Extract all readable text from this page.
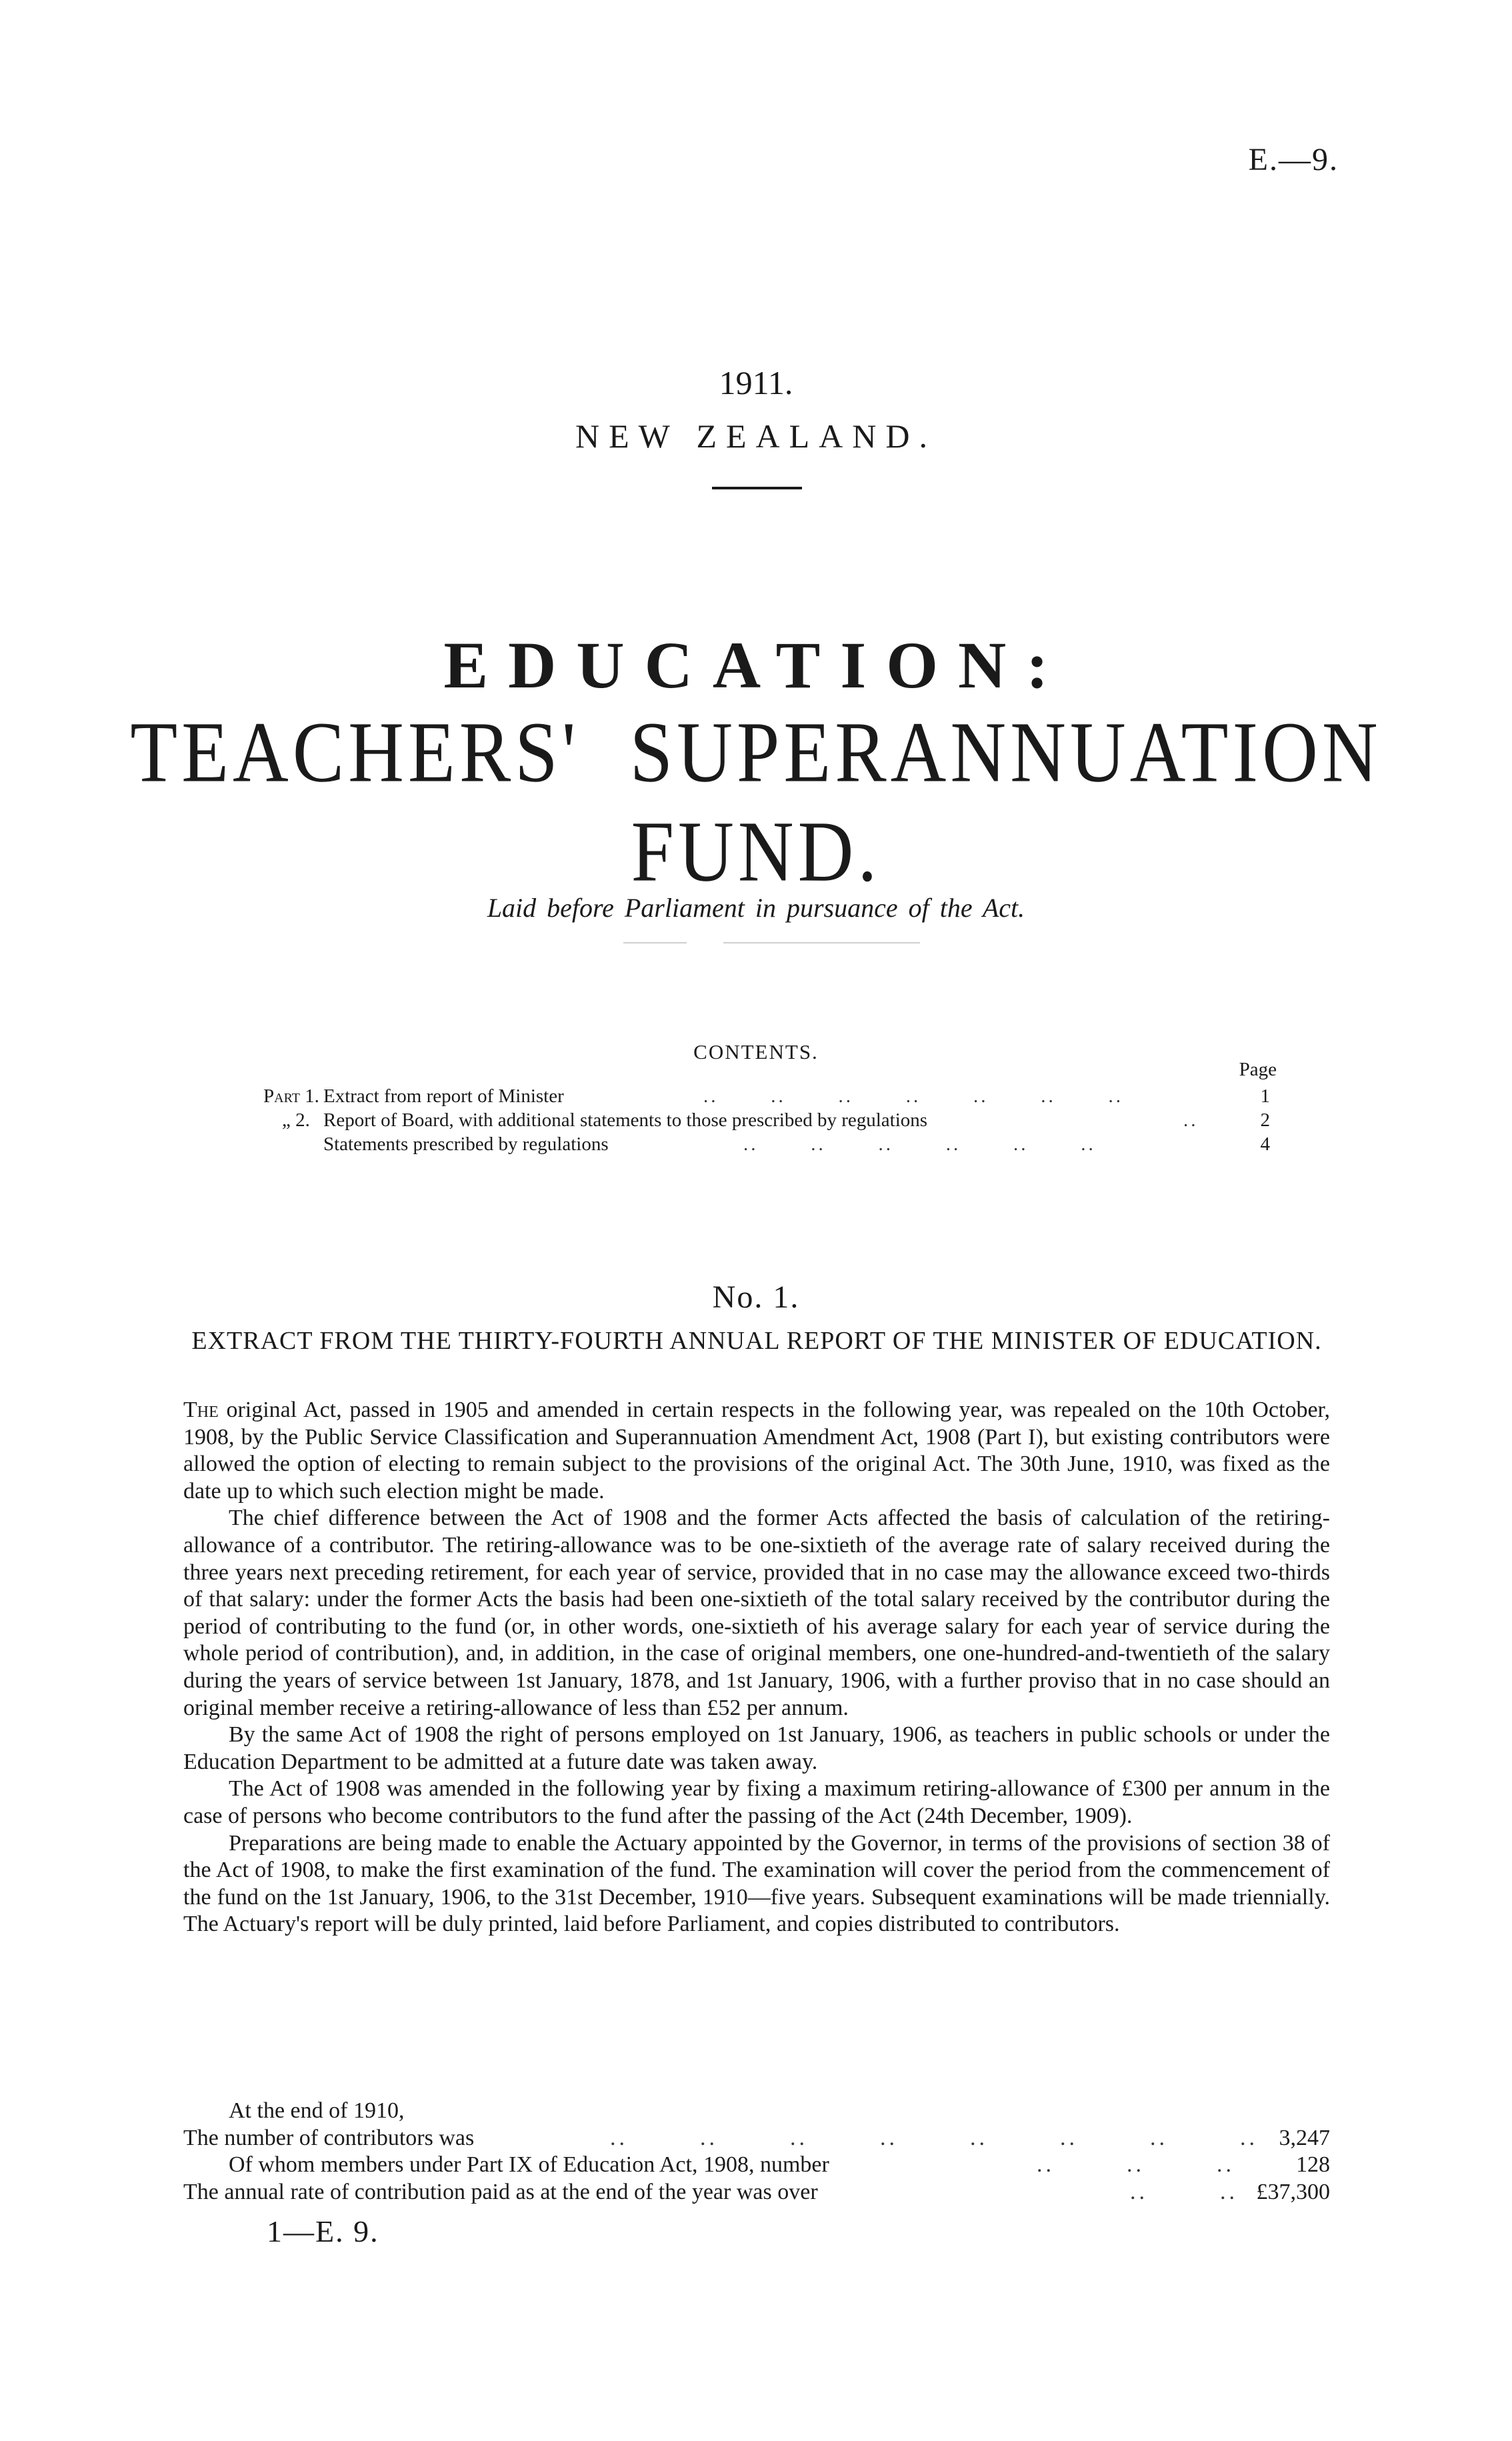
E.—9.
1911.
NEW ZEALAND.
EDUCATION:
TEACHERS' SUPERANNUATION FUND.
Laid before Parliament in pursuance of the Act.
CONTENTS.
Page
Part 1. Extract from report of Minister	..       ..       ..       ..       ..       ..       ..	1
„ 2. Report of Board, with additional statements to those prescribed by regulations	..	2
Statements prescribed by regulations	..       ..       ..       ..       ..       ..	4
No. 1.
EXTRACT FROM THE THIRTY-FOURTH ANNUAL REPORT OF THE MINISTER OF EDUCATION.

The original Act, passed in 1905 and amended in certain respects in the following year, was repealed on the 10th October, 1908, by the Public Service Classification and Superannuation Amendment Act, 1908 (Part I), but existing contributors were allowed the option of electing to remain subject to the provisions of the original Act. The 30th June, 1910, was fixed as the date up to which such election might be made.

The chief difference between the Act of 1908 and the former Acts affected the basis of calculation of the retiring-allowance of a contributor. The retiring-allowance was to be one-sixtieth of the average rate of salary received during the three years next preceding retirement, for each year of service, provided that in no case may the allowance exceed two-thirds of that salary: under the former Acts the basis had been one-sixtieth of the total salary received by the contributor during the period of contributing to the fund (or, in other words, one-sixtieth of his average salary for each year of service during the whole period of contribution), and, in addition, in the case of original members, one one-hundred-and-twentieth of the salary during the years of service between 1st January, 1878, and 1st January, 1906, with a further proviso that in no case should an original member receive a retiring-allowance of less than £52 per annum.

By the same Act of 1908 the right of persons employed on 1st January, 1906, as teachers in public schools or under the Education Department to be admitted at a future date was taken away.

The Act of 1908 was amended in the following year by fixing a maximum retiring-allowance of £300 per annum in the case of persons who become contributors to the fund after the passing of the Act (24th December, 1909).

Preparations are being made to enable the Actuary appointed by the Governor, in terms of the provisions of section 38 of the Act of 1908, to make the first examination of the fund. The examination will cover the period from the commencement of the fund on the 1st January, 1906, to the 31st December, 1910—five years. Subsequent examinations will be made triennially. The Actuary's report will be duly printed, laid before Parliament, and copies distributed to contributors.

At the end of 1910,
The number of contributors was	..        ..        ..        ..        ..        ..        ..        .. 3,247
Of whom members under Part IX of Education Act, 1908, number	..        ..        ..	128
The annual rate of contribution paid as at the end of the year was over	..        .. £37,300
1—E. 9.
